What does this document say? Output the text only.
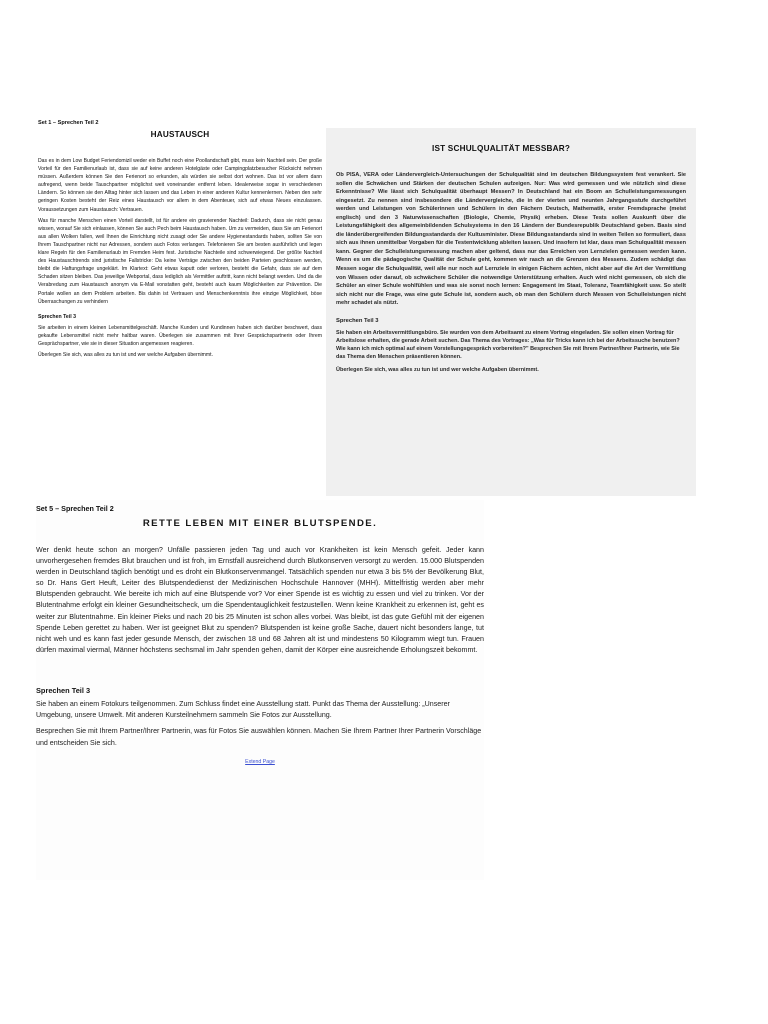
Set 1 – Sprechen Teil 2
HAUSTAUSCH

Das es in dem Low Budget Feriendomizil weder ein Buffet noch eine Poollandschaft gibt, muss kein Nachteil sein. Der große Vorteil für den Familienurlaub ist, dass sie auf keine anderen Hotelgäste oder Campingplatzbesucher Rücksicht nehmen müssen. Außerdem können Sie den Ferienort so erkunden, als würden sie selbst dort wohnen. Das ist vor allem dann aufregend, wenn beide Tauschpartner möglichst weit voneinander entfernt leben. Idealerweise sogar in verschiedenen Ländern. So können sie den Alltag hinter sich lassen und das Leben in einer anderen Kultur kennenlernen. Neben den sehr geringen Kosten besteht der Reiz eines Haustausch vor allem in dem Abenteuer, sich auf etwas Neues einzulassen. Voraussetzungen zum Haustausch: Vertrauen.

Was für manche Menschen einen Vorteil darstellt, ist für andere ein gravierender Nachteil: Dadurch, dass sie nicht genau wissen, worauf Sie sich einlassen, können Sie auch Pech beim Haustausch haben. Um zu vermeiden, dass Sie am Ferienort aus allen Wolken fallen, weil Ihnen die Einrichtung nicht zusagt oder Sie andere Hygienestandards haben, sollten Sie von Ihrem Tauschpartner nicht nur Adressen, sondern auch Fotos verlangen. Telefonieren Sie am besten ausführlich und legen klare Regeln für den Familienurlaub im Fremden Heim fest. Juristische Nachteile sind schwerwiegend. Der größte Nachteil des Haustauschtrends sind juristische Fallstricke: Da keine Verträge zwischen den beiden Parteien geschlossen werden, bleibt die Haftungsfrage ungeklärt. Im Klartext: Geht etwas kaputt oder verloren, besteht die Gefahr, dass sie auf dem Schaden sitzen bleiben. Das jeweilige Webportal, dass lediglich als Vermittler auftritt, kann nicht belangt werden. Und da die Verabredung zum Haustausch anonym via E-Mail vonstatten geht, besteht auch kaum Möglichkeiten zur Prävention. Die Portale wollen an dem Problem arbeiten. Bis dahin ist Vertrauen und Menschenkenntnis ihre einzige Möglichkeit, böse Überraschungen zu verhindern

Sprechen Teil 3

Sie arbeiten in einem kleinen Lebensmittelgeschäft. Manche Kunden und Kundinnen haben sich darüber beschwert, dass gekaufte Lebensmittel nicht mehr haltbar waren. Überlegen sie zusammen mit Ihrer Gesprächspartnerin oder Ihrem Gesprächspartner, wie sie in dieser Situation angemessen reagieren.

Überlegen Sie sich, was alles zu tun ist und wer welche Aufgaben übernimmt.

IST SCHULQUALITÄT MESSBAR?

Ob PISA, VERA oder Ländervergleich-Untersuchungen der Schulqualität sind im deutschen Bildungssystem fest verankert. Sie sollen die Schwächen und Stärken der deutschen Schulen aufzeigen. Nur: Was wird gemessen und wie nützlich sind diese Erkenntnisse? Wie lässt sich Schulqualität überhaupt Messen? In Deutschland hat ein Boom an Schulleistungsmessungen eingesetzt. Zu nennen sind insbesondere die Ländervergleiche, die in der vierten und neunten Jahrgangsstufe durchgeführt werden und Leistungen von Schülerinnen und Schülern in den Fächern Deutsch, Mathematik, erster Fremdsprache (meist englisch) und den 3 Naturwissenschaften (Biologie, Chemie, Physik) erheben. Diese Tests sollen Auskunft über die Leistungsfähigkeit des allgemeinbildenden Schulsystems in den 16 Ländern der Bundesrepublik Deutschland geben. Basis sind die länderübergreifenden Bildungsstandards der Kultusminister. Diese Bildungsstandards sind in weiten Teilen so formuliert, dass sich aus ihnen unmittelbar Vorgaben für die Testentwicklung ableiten lassen. Und insofern ist klar, dass man Schulqualität messen kann. Gegner der Schulleistungsmessung machen aber geltend, dass nur das Erreichen von Lernzielen gemessen werden kann. Wenn es um die pädagogische Qualität der Schule geht, kommen wir rasch an die Grenzen des Messens. Zudem schädigt das Messen sogar die Schulqualität, weil alle nur noch auf Lernziele in einigen Fächern achten, nicht aber auf die Art der Vermittlung von Wissen oder darauf, ob schwächere Schüler die notwendige Unterstützung erhalten. Auch wird nicht gemessen, ob sich die Schüler an einer Schule wohlfühlen und was sie sonst noch lernen: Engagement im Staat, Toleranz, Teamfähigkeit usw. So stellt sich nicht nur die Frage, was eine gute Schule ist, sondern auch, ob man den Schülern durch Messen von Schulleistungen nicht mehr schadet als nützt.

Sprechen Teil 3

Sie haben ein Arbeitsvermittlungsbüro. Sie wurden von dem Arbeitsamt zu einem Vortrag eingeladen. Sie sollen einen Vortrag für Arbeitslose erhalten, die gerade Arbeit suchen. Das Thema des Vortrages: „Was für Tricks kann ich bei der Arbeitssuche benutzen? Wie kann ich mich optimal auf einem Vorstellungsgespräch vorbereiten?" Besprechen Sie mit Ihrem Partner/Ihrer Partnerin, wie Sie das Thema den Menschen präsentieren können.

Überlegen Sie sich, was alles zu tun ist und wer welche Aufgaben übernimmt.

Set 5 – Sprechen Teil 2
RETTE LEBEN MIT EINER BLUTSPENDE.

Wer denkt heute schon an morgen? Unfälle passieren jeden Tag und auch vor Krankheiten ist kein Mensch gefeit. Jeder kann unvorhergesehen fremdes Blut brauchen und ist froh, im Ernstfall ausreichend durch Blutkonserven versorgt zu werden. 15.000 Blutspenden werden in Deutschland täglich benötigt und es droht ein Blutkonservenmangel. Tatsächlich spenden nur etwa 3 bis 5% der Bevölkerung Blut, so Dr. Hans Gert Heuft, Leiter des Blutspendedienst der Medizinischen Hochschule Hannover (MHH). Mittelfristig werden aber mehr Blutspenden gebraucht. Wie bereite ich mich auf eine Blutspende vor? Vor einer Spende ist es wichtig zu essen und viel zu trinken. Vor der Blutentnahme erfolgt ein kleiner Gesundheitscheck, um die Spendentauglichkeit festzustellen. Wenn keine Krankheit zu erkennen ist, geht es weiter zur Blutentnahme. Ein kleiner Pieks und nach 20 bis 25 Minuten ist schon alles vorbei. Was bleibt, ist das gute Gefühl mit der eigenen Spende Leben gerettet zu haben. Wer ist geeignet Blut zu spenden? Blutspenden ist keine große Sache, dauert nicht besonders lange, tut nicht weh und es kann fast jeder gesunde Mensch, der zwischen 18 und 68 Jahren alt ist und mindestens 50 Kilogramm wiegt tun. Frauen dürfen maximal viermal, Männer höchstens sechsmal im Jahr spenden gehen, damit der Körper eine ausreichende Erholungszeit bekommt.

Sprechen Teil 3

Sie haben an einem Fotokurs teilgenommen. Zum Schluss findet eine Ausstellung statt. Punkt das Thema der Ausstellung: „Unserer Umgebung, unsere Umwelt. Mit anderen Kursteilnehmern sammeln Sie Fotos zur Ausstellung.

Besprechen Sie mit Ihrem Partner/Ihrer Partnerin, was für Fotos Sie auswählen können. Machen Sie Ihrem Partner Ihrer Partnerin Vorschläge und entscheiden Sie sich.

Extend Page
